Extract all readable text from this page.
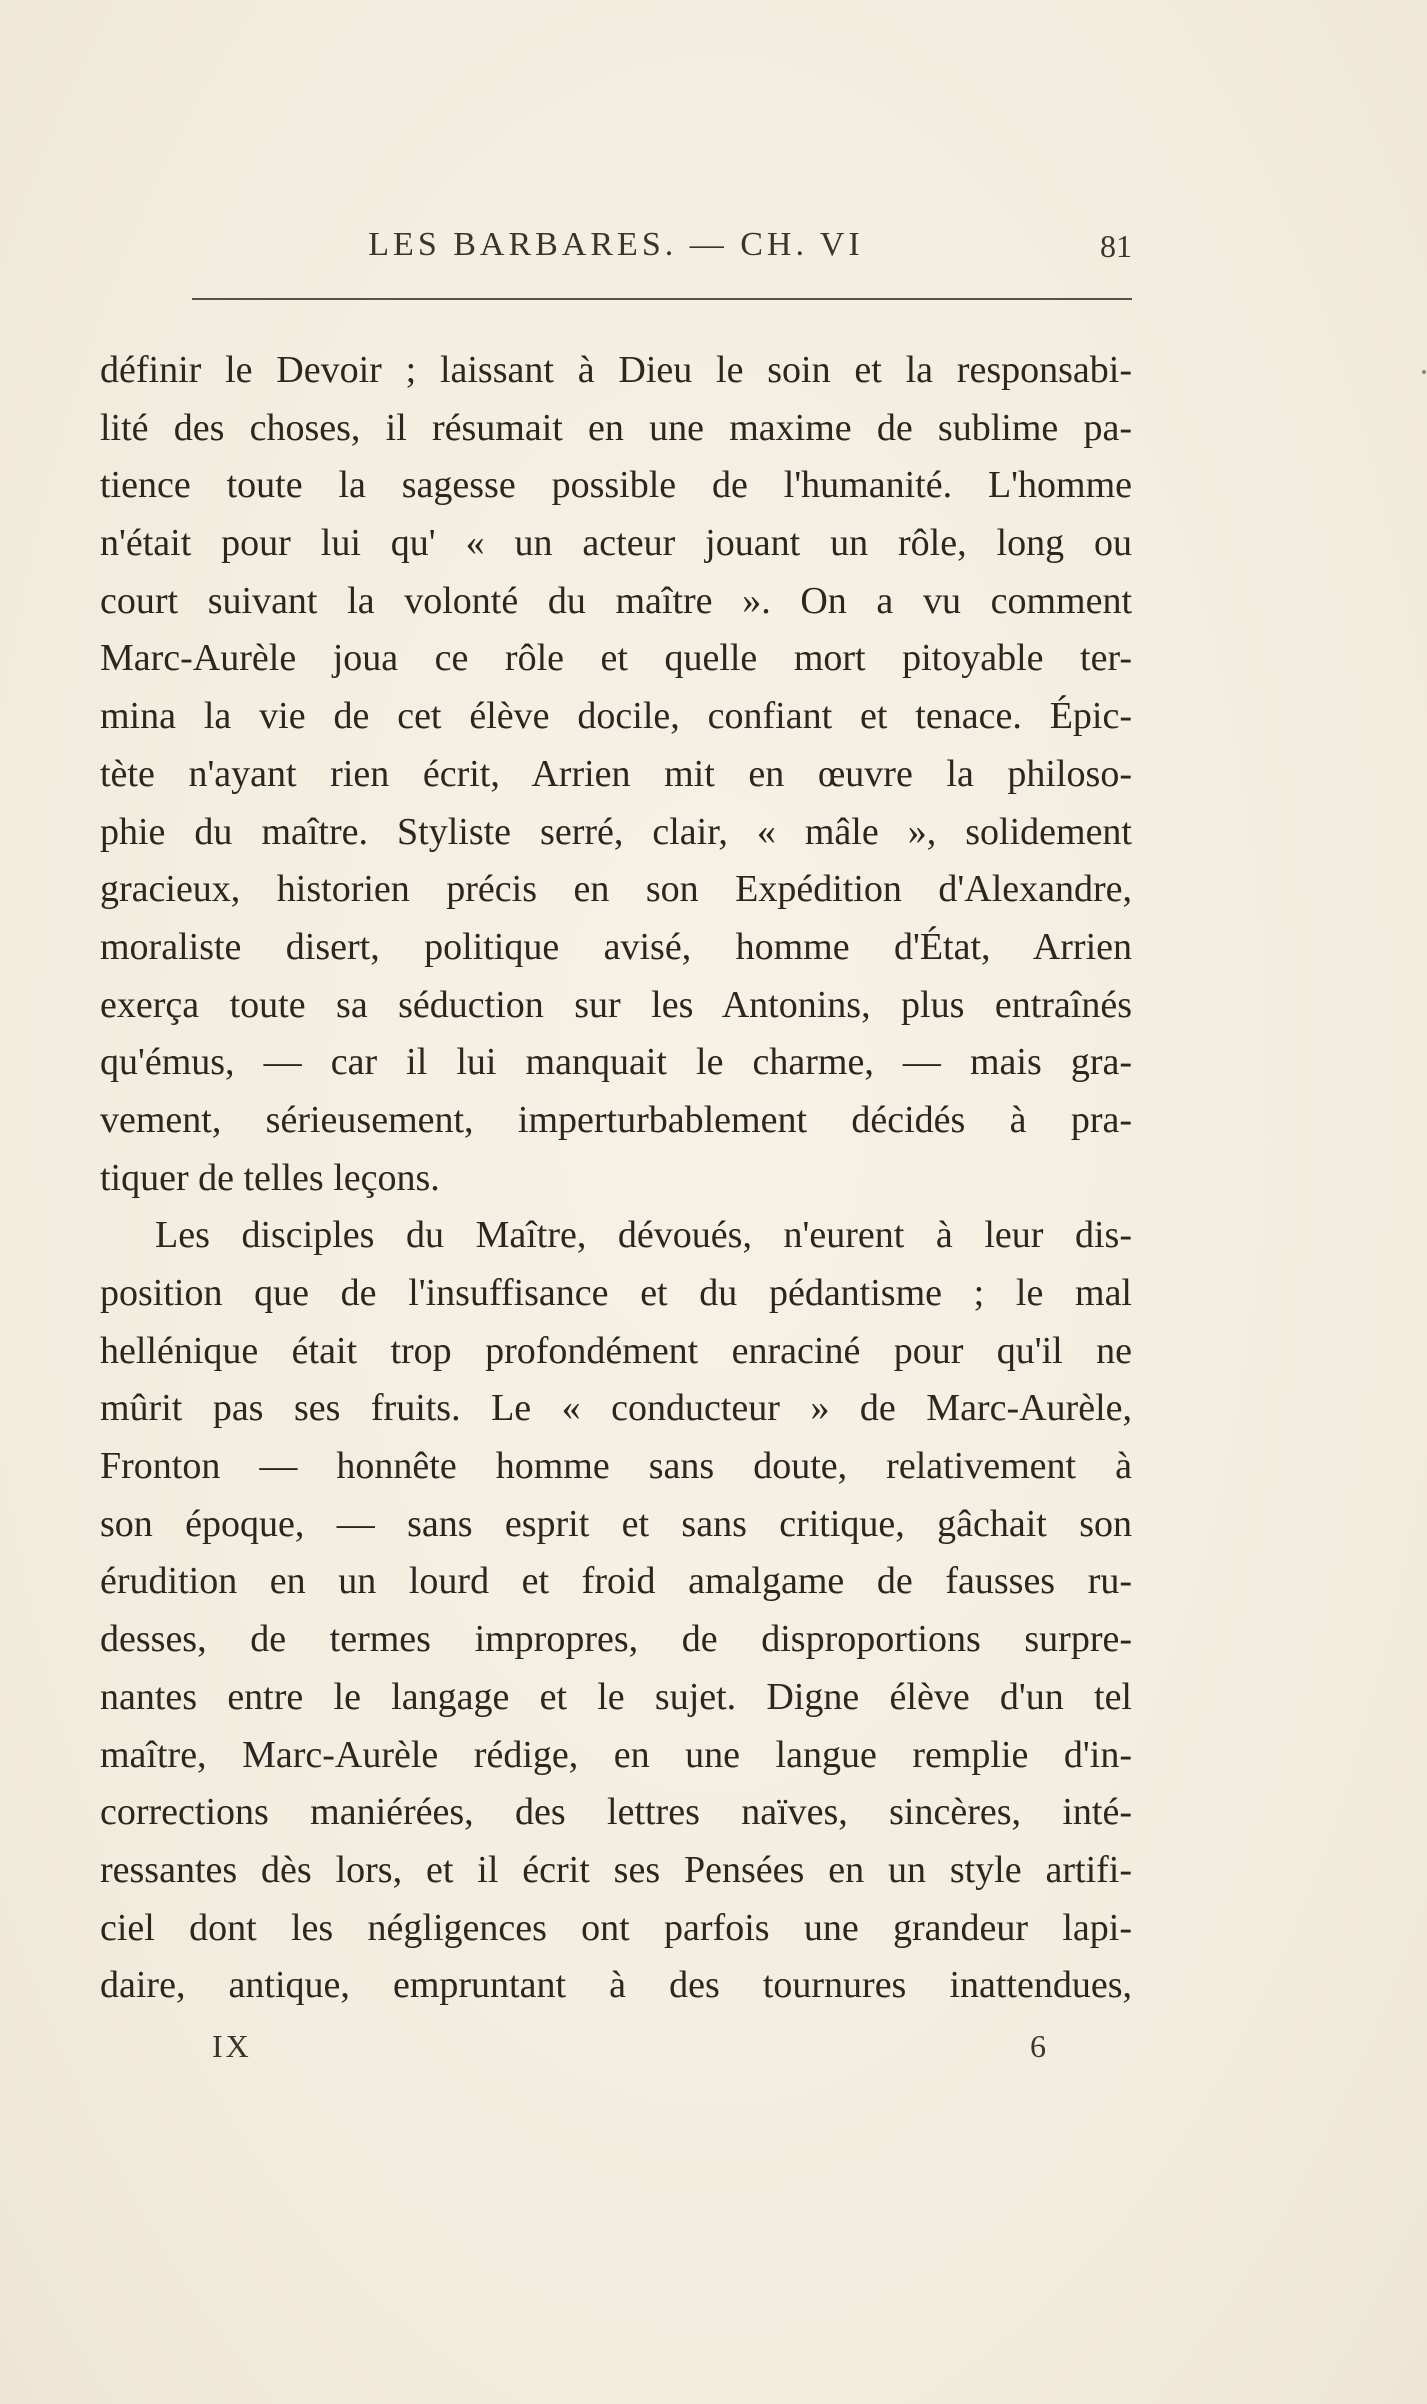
LES BARBARES. — CH. VI	81
définir le Devoir ; laissant à Dieu le soin et la responsabi-
lité des choses, il résumait en une maxime de sublime pa-
tience toute la sagesse possible de l'humanité. L'homme
n'était pour lui qu' « un acteur jouant un rôle, long ou
court suivant la volonté du maître ». On a vu comment
Marc-Aurèle joua ce rôle et quelle mort pitoyable ter-
mina la vie de cet élève docile, confiant et tenace. Épic-
tète n'ayant rien écrit, Arrien mit en œuvre la philoso-
phie du maître. Styliste serré, clair, « mâle », solidement
gracieux, historien précis en son Expédition d'Alexandre,
moraliste disert, politique avisé, homme d'État, Arrien
exerça toute sa séduction sur les Antonins, plus entraînés
qu'émus, — car il lui manquait le charme, — mais gra-
vement, sérieusement, imperturbablement décidés à pra-
tiquer de telles leçons.
Les disciples du Maître, dévoués, n'eurent à leur dis-
position que de l'insuffisance et du pédantisme ; le mal
hellénique était trop profondément enraciné pour qu'il ne
mûrit pas ses fruits. Le « conducteur » de Marc-Aurèle,
Fronton — honnête homme sans doute, relativement à
son époque, — sans esprit et sans critique, gâchait son
érudition en un lourd et froid amalgame de fausses ru-
desses, de termes impropres, de disproportions surpre-
nantes entre le langage et le sujet. Digne élève d'un tel
maître, Marc-Aurèle rédige, en une langue remplie d'in-
corrections maniérées, des lettres naïves, sincères, inté-
ressantes dès lors, et il écrit ses Pensées en un style artifi-
ciel dont les négligences ont parfois une grandeur lapi-
daire, antique, empruntant à des tournures inattendues,
IX	6
